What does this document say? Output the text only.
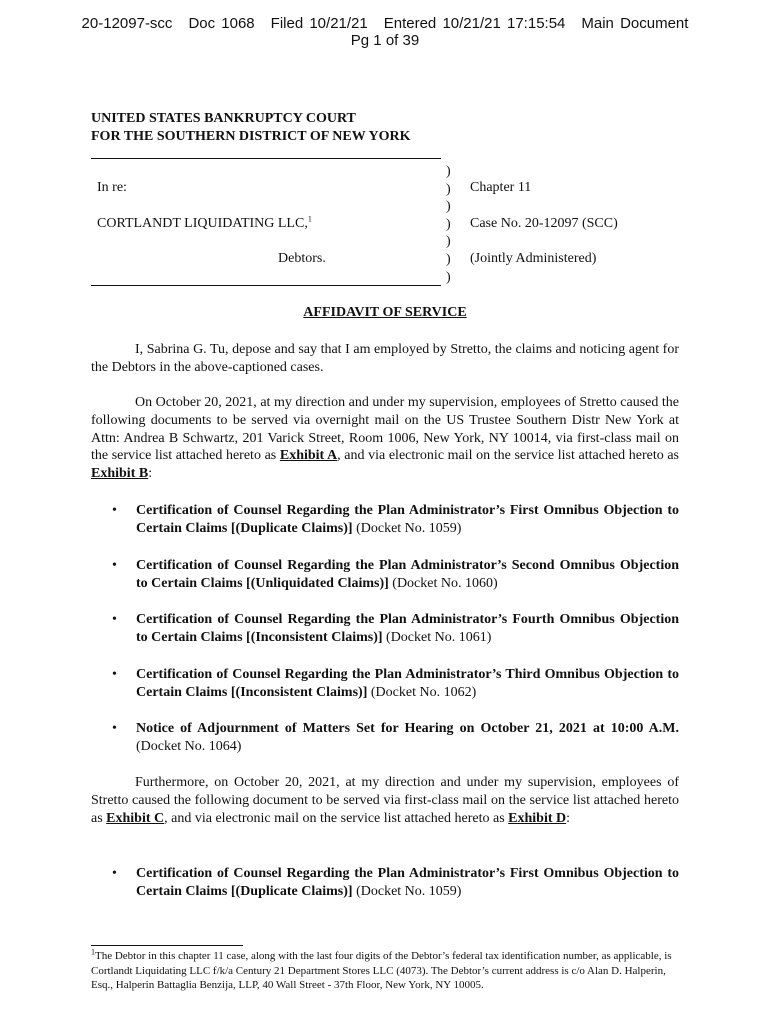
20-12097-scc Doc 1068 Filed 10/21/21 Entered 10/21/21 17:15:54 Main Document
Pg 1 of 39
UNITED STATES BANKRUPTCY COURT
FOR THE SOUTHERN DISTRICT OF NEW YORK
)
)
)
)
)
)
)
In re:
CORTLANDT LIQUIDATING LLC,$^1$
Debtors.
Chapter 11
Case No. 20-12097 (SCC)
(Jointly Administered)
AFFIDAVIT OF SERVICE
I, Sabrina G. Tu, depose and say that I am employed by Stretto, the claims and noticing agent for the Debtors in the above-captioned cases.
On October 20, 2021, at my direction and under my supervision, employees of Stretto caused the following documents to be served via overnight mail on the US Trustee Southern Distr New York at Attn: Andrea B Schwartz, 201 Varick Street, Room 1006, New York, NY 10014, via first-class mail on the service list attached hereto as Exhibit A, and via electronic mail on the service list attached hereto as Exhibit B:
• Certification of Counsel Regarding the Plan Administrator’s First Omnibus Objection to Certain Claims [(Duplicate Claims)] (Docket No. 1059)
• Certification of Counsel Regarding the Plan Administrator’s Second Omnibus Objection to Certain Claims [(Unliquidated Claims)] (Docket No. 1060)
• Certification of Counsel Regarding the Plan Administrator’s Fourth Omnibus Objection to Certain Claims [(Inconsistent Claims)] (Docket No. 1061)
• Certification of Counsel Regarding the Plan Administrator’s Third Omnibus Objection to Certain Claims [(Inconsistent Claims)] (Docket No. 1062)
• Notice of Adjournment of Matters Set for Hearing on October 21, 2021 at 10:00 A.M. (Docket No. 1064)
Furthermore, on October 20, 2021, at my direction and under my supervision, employees of Stretto caused the following document to be served via first-class mail on the service list attached hereto as Exhibit C, and via electronic mail on the service list attached hereto as Exhibit D:
• Certification of Counsel Regarding the Plan Administrator’s First Omnibus Objection to Certain Claims [(Duplicate Claims)] (Docket No. 1059)
$^1$The Debtor in this chapter 11 case, along with the last four digits of the Debtor’s federal tax identification number, as applicable, is Cortlandt Liquidating LLC f/k/a Century 21 Department Stores LLC (4073). The Debtor’s current address is c/o Alan D. Halperin, Esq., Halperin Battaglia Benzija, LLP, 40 Wall Street - 37th Floor, New York, NY 10005.
